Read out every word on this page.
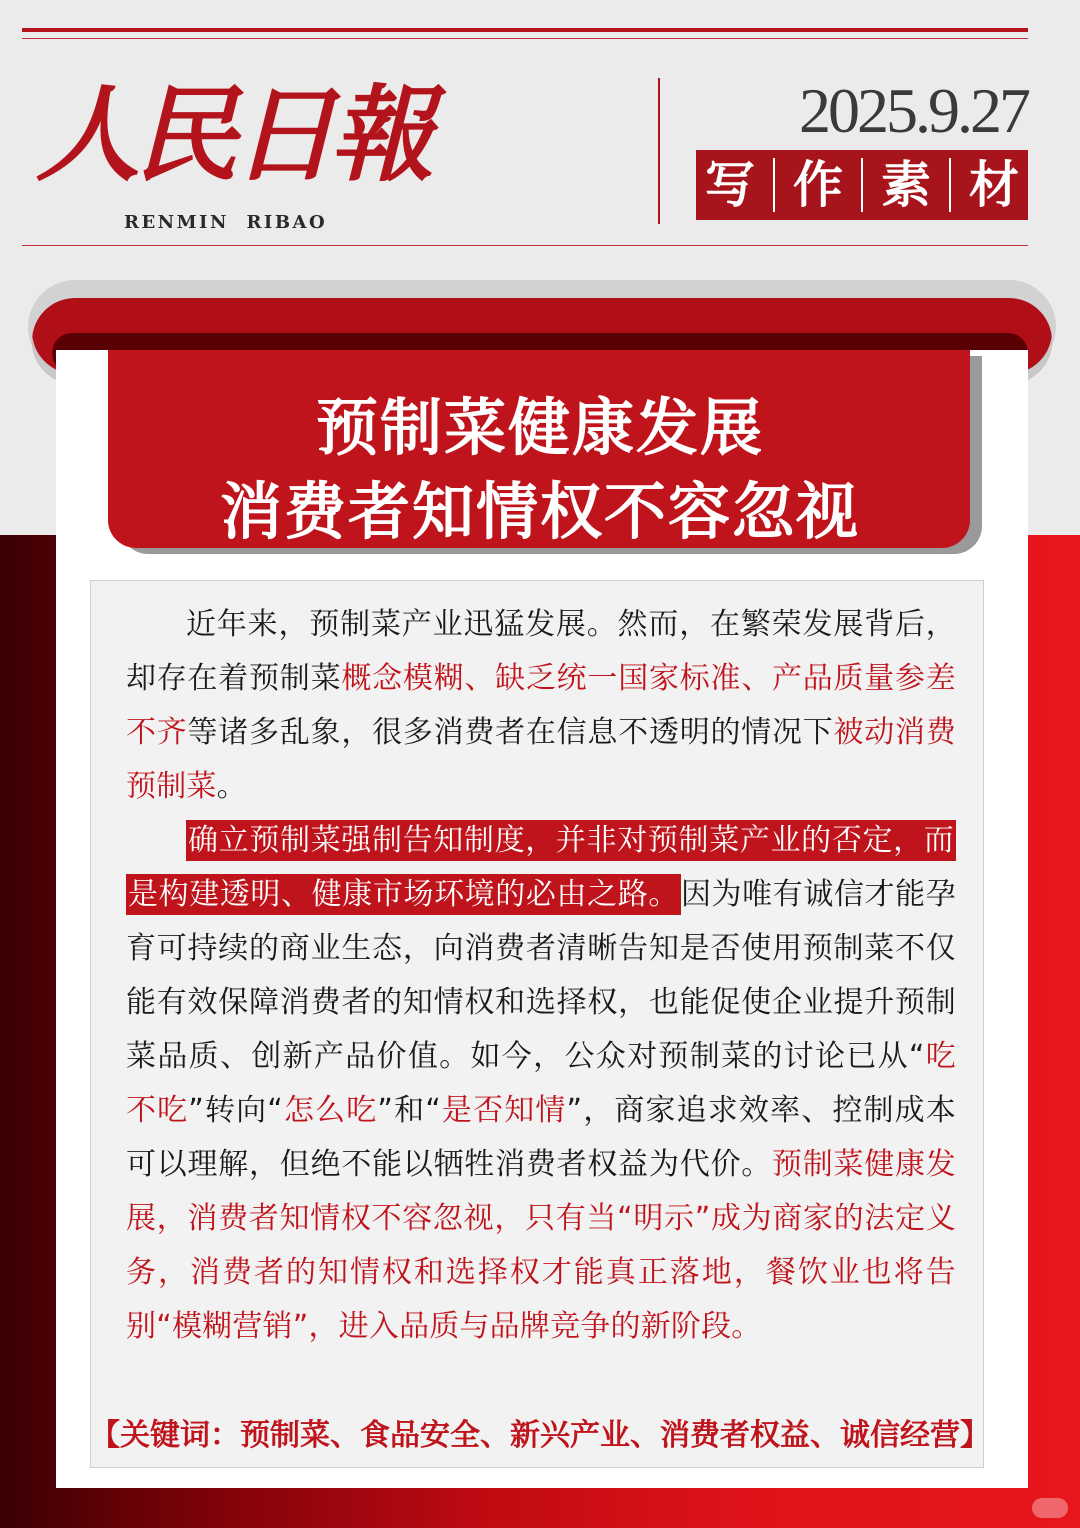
人民日報
RENMIN  RIBAO
2025.9.27
写 作 素 材
预制菜健康发展
消费者知情权不容忽视

近年来，预制菜产业迅猛发展。然而，在繁荣发展背后，却存在着预制菜概念模糊、缺乏统一国家标准、产品质量参差不齐等诸多乱象，很多消费者在信息不透明的情况下被动消费预制菜。

确立预制菜强制告知制度，并非对预制菜产业的否定，而是构建透明、健康市场环境的必由之路。因为唯有诚信才能孕育可持续的商业生态，向消费者清晰告知是否使用预制菜不仅能有效保障消费者的知情权和选择权，也能促使企业提升预制菜品质、创新产品价值。如今，公众对预制菜的讨论已从“吃不吃”转向“怎么吃”和“是否知情”，商家追求效率、控制成本可以理解，但绝不能以牺牲消费者权益为代价。预制菜健康发展，消费者知情权不容忽视，只有当“明示”成为商家的法定义务，消费者的知情权和选择权才能真正落地，餐饮业也将告别“模糊营销”，进入品质与品牌竞争的新阶段。

【关键词：预制菜、食品安全、新兴产业、消费者权益、诚信经营】
